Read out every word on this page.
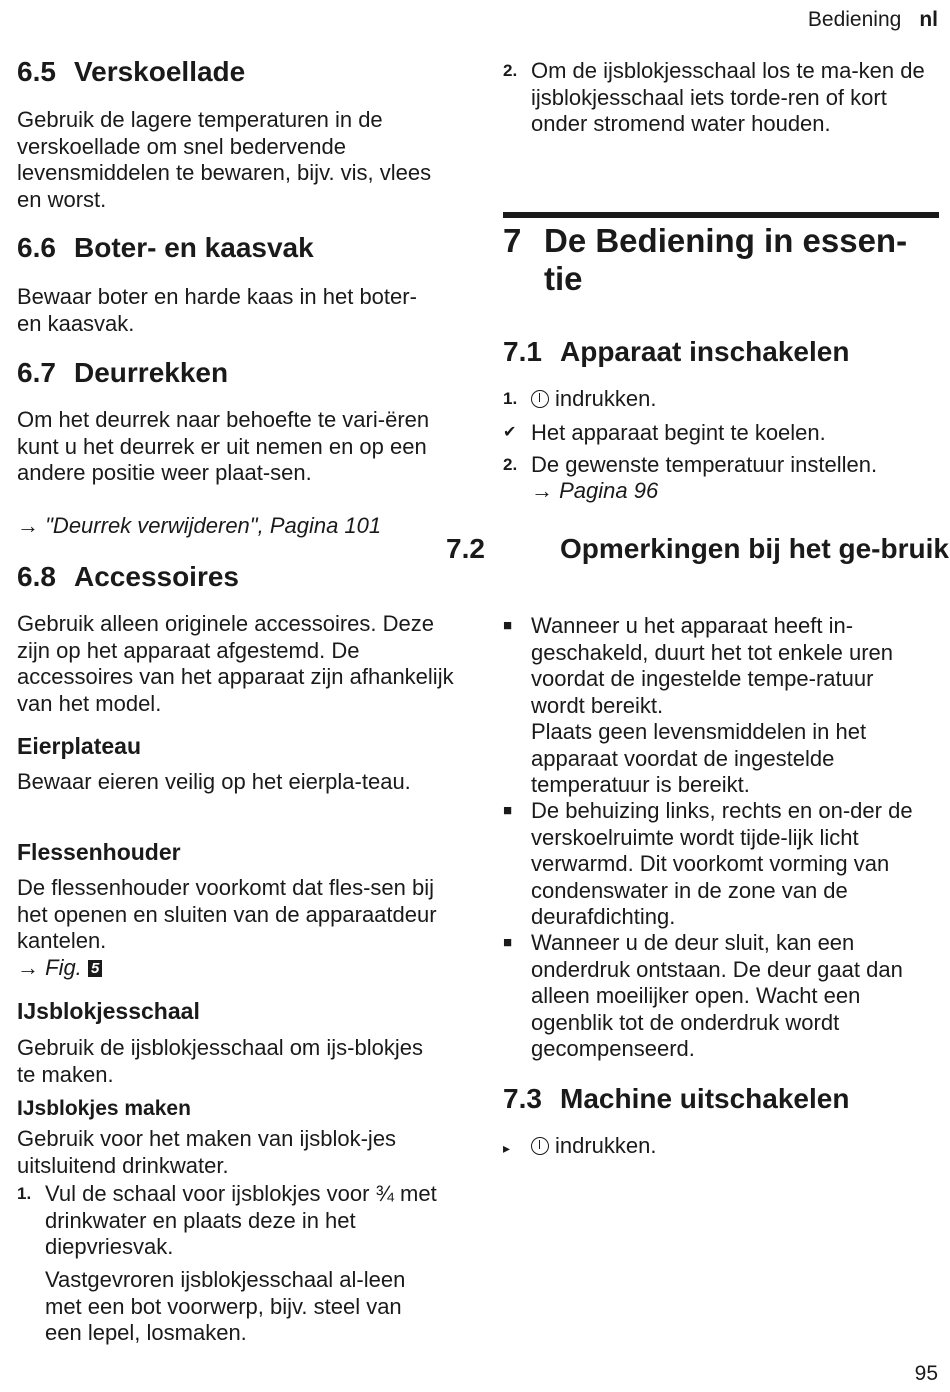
Bediening nl
6.5 Verskoellade

Gebruik de lagere temperaturen in de verskoellade om snel bedervende levensmiddelen te bewaren, bijv. vis, vlees en worst.

6.6 Boter- en kaasvak

Bewaar boter en harde kaas in het boter- en kaasvak.

6.7 Deurrekken

Om het deurrek naar behoefte te vari-ëren kunt u het deurrek er uit nemen en op een andere positie weer plaat-sen.

→ "Deurrek verwijderen", Pagina 101

6.8 Accessoires

Gebruik alleen originele accessoires. Deze zijn op het apparaat afgestemd. De accessoires van het apparaat zijn afhankelijk van het model.

Eierplateau

Bewaar eieren veilig op het eierpla-teau.

Flessenhouder

De flessenhouder voorkomt dat fles-sen bij het openen en sluiten van de apparaatdeur kantelen.

→ Fig. 5

IJsblokjesschaal

Gebruik de ijsblokjesschaal om ijs-blokjes te maken.

IJsblokjes maken

Gebruik voor het maken van ijsblok-jes uitsluitend drinkwater.

1. Vul de schaal voor ijsblokjes voor ¾ met drinkwater en plaats deze in het diepvriesvak.

Vastgevroren ijsblokjesschaal al-leen met een bot voorwerp, bijv. steel van een lepel, losmaken.

2. Om de ijsblokjesschaal los te ma-ken de ijsblokjesschaal iets torde-ren of kort onder stromend water houden.
7 De Bediening in essen-tie
7.1 Apparaat inschakelen
1.	indrukken.
✔ Het apparaat begint te koelen.
2. De gewenste temperatuur instellen.

→ Pagina 96

7.2	Opmerkingen bij het ge-bruik
■ Wanneer u het apparaat heeft in-geschakeld, duurt het tot enkele uren voordat de ingestelde tempe-ratuur wordt bereikt.

Plaats geen levensmiddelen in het apparaat voordat de ingestelde temperatuur is bereikt.

■ De behuizing links, rechts en on-der de verskoelruimte wordt tijde-lijk licht verwarmd. Dit voorkomt vorming van condenswater in de zone van de deurafdichting.
■ Wanneer u de deur sluit, kan een onderdruk ontstaan. De deur gaat dan alleen moeilijker open. Wacht een ogenblik tot de onderdruk wordt gecompenseerd.
7.3 Machine uitschakelen
▸	indrukken.
95
